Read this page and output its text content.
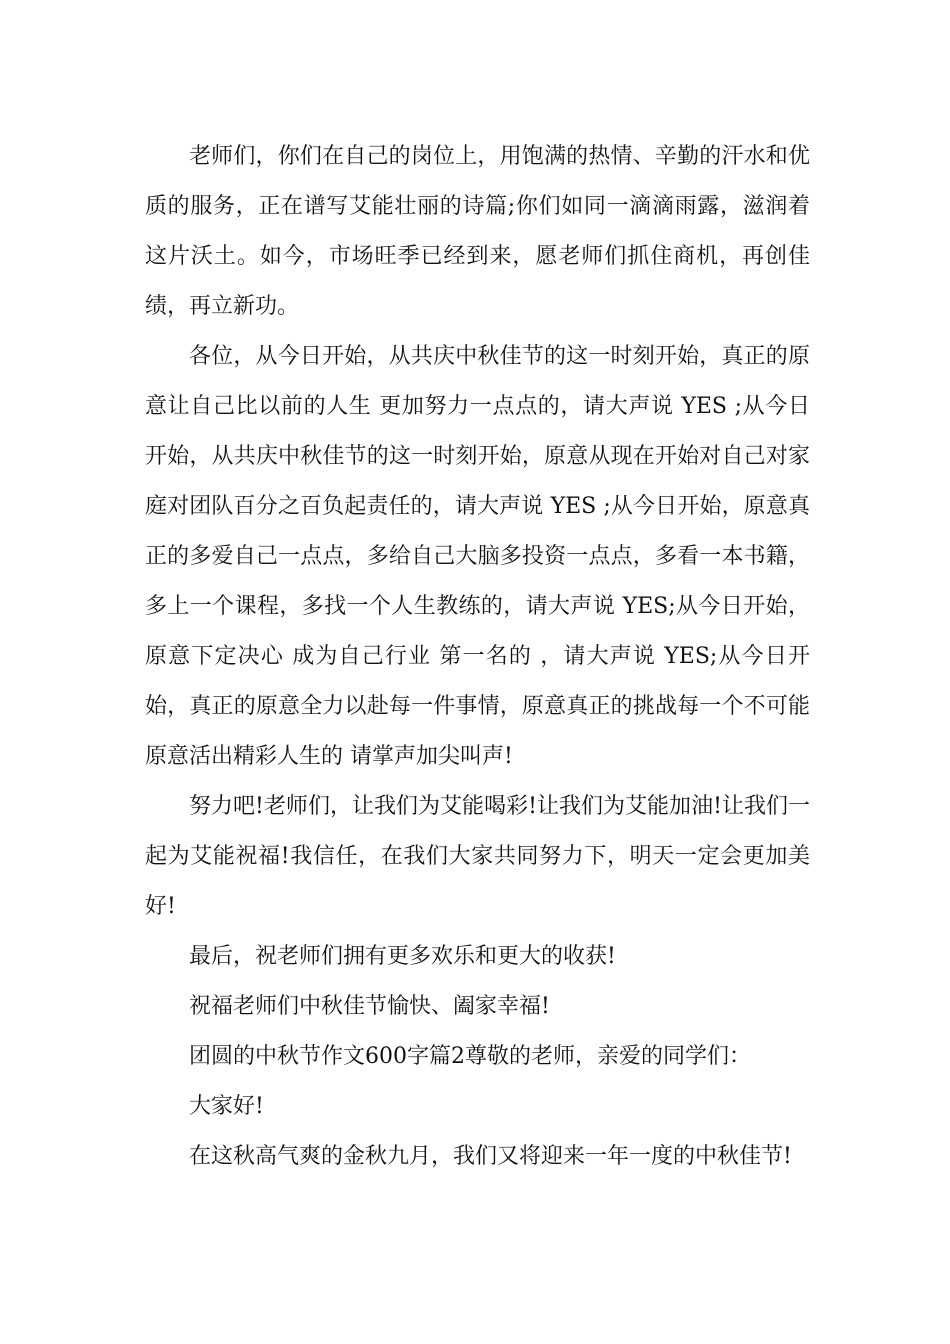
老师们，你们在自己的岗位上，用饱满的热情、辛勤的汗水和优质的服务，正在谱写艾能壮丽的诗篇;你们如同一滴滴雨露，滋润着这片沃土。如今，市场旺季已经到来，愿老师们抓住商机，再创佳绩，再立新功。

各位，从今日开始，从共庆中秋佳节的这一时刻开始，真正的原意让自己比以前的人生 更加努力一点点的，请大声说 YES ;从今日开始，从共庆中秋佳节的这一时刻开始，原意从现在开始对自己对家庭对团队百分之百负起责任的，请大声说 YES ;从今日开始，原意真正的多爱自己一点点，多给自己大脑多投资一点点，多看一本书籍，多上一个课程，多找一个人生教练的，请大声说 YES;从今日开始，原意下定决心 成为自己行业 第一名的 ，请大声说 YES;从今日开始，真正的原意全力以赴每一件事情，原意真正的挑战每一个不可能 原意活出精彩人生的 请掌声加尖叫声!

努力吧!老师们，让我们为艾能喝彩!让我们为艾能加油!让我们一起为艾能祝福!我信任，在我们大家共同努力下，明天一定会更加美好!

最后，祝老师们拥有更多欢乐和更大的收获!

祝福老师们中秋佳节愉快、阖家幸福!

团圆的中秋节作文600字篇2尊敬的老师，亲爱的同学们：

大家好!

在这秋高气爽的金秋九月，我们又将迎来一年一度的中秋佳节!
